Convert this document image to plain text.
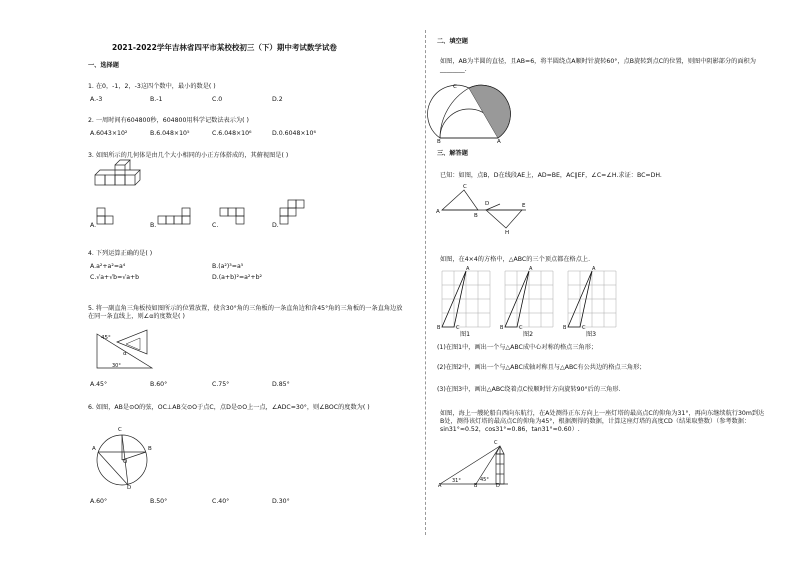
2021-2022学年吉林省四平市某校校初三（下）期中考试数学试卷
一、选择题
1. 在0，-1，2，-3这四个数中，最小的数是( )
A.-3	B.-1	C.0	D.2
2. 一周时间有604800秒，604800用科学记数法表示为( )
A.6043×10²	B.6.048×10⁵	C.6.048×10⁶	D.0.6048×10⁶
3. 如图所示的几何体是由几个大小相同的小正方体搭成的，其俯视图是( )
A.	B.	C.	D.
4. 下列运算正确的是( )
A.a²+a²=a⁴	B.(a²)³=a⁵
C.√a+√b=√a+b	D.(a+b)²=a²+b²
5. 将一副直角三角板按如图所示的位置放置，使含30°角的三角板的一条直角边和含45°角的三角板的一条直角边放在同一条直线上，则∠α的度数是( )
45°
α
30°
A.45°	B.60°	C.75°	D.85°
6. 如图，AB是⊙O的弦，OC⊥AB交⊙O于点C，点D是⊙O上一点，∠ADC=30°，则∠BOC的度数为( )
C
A	B
O
D
A.60°	B.50°	C.40°	D.30°
二、填空题
如图，AB为半圆的直径，且AB=6，将半圆绕点A顺时针旋转60°，点B旋转到点C的位置，则图中阴影部分的面积为________.
C
B	A
三、解答题
已知：如图，点B，D在线段AE上，AD=BE，AC∥EF，∠C=∠H.求证：BC=DH.
C
A
B
D	E
H
如图，在4×4的方格中，△ABC的三个顶点都在格点上.
A
B	C
A
B	C
A
B	C
图1	图2	图3
(1)在图1中，画出一个与△ABC成中心对称的格点三角形；
(2)在图2中，画出一个与△ABC成轴对称且与△ABC有公共边的格点三角形；
(3)在图3中，画出△ABC绕着点C按顺时针方向旋转90°后的三角形.
如图，海上一艘轮船自西向东航行，在A处测得正东方向上一座灯塔的最高点C的仰角为31°，再向东继续航行30m到达B处，测得该灯塔的最高点C的仰角为45°，根据测得的数据，计算这座灯塔的高度CD（结果取整数）（参考数据：sin31°≈0.52，cos31°≈0.86，tan31°≈0.60）.
A
31°
B
45°
C
D
